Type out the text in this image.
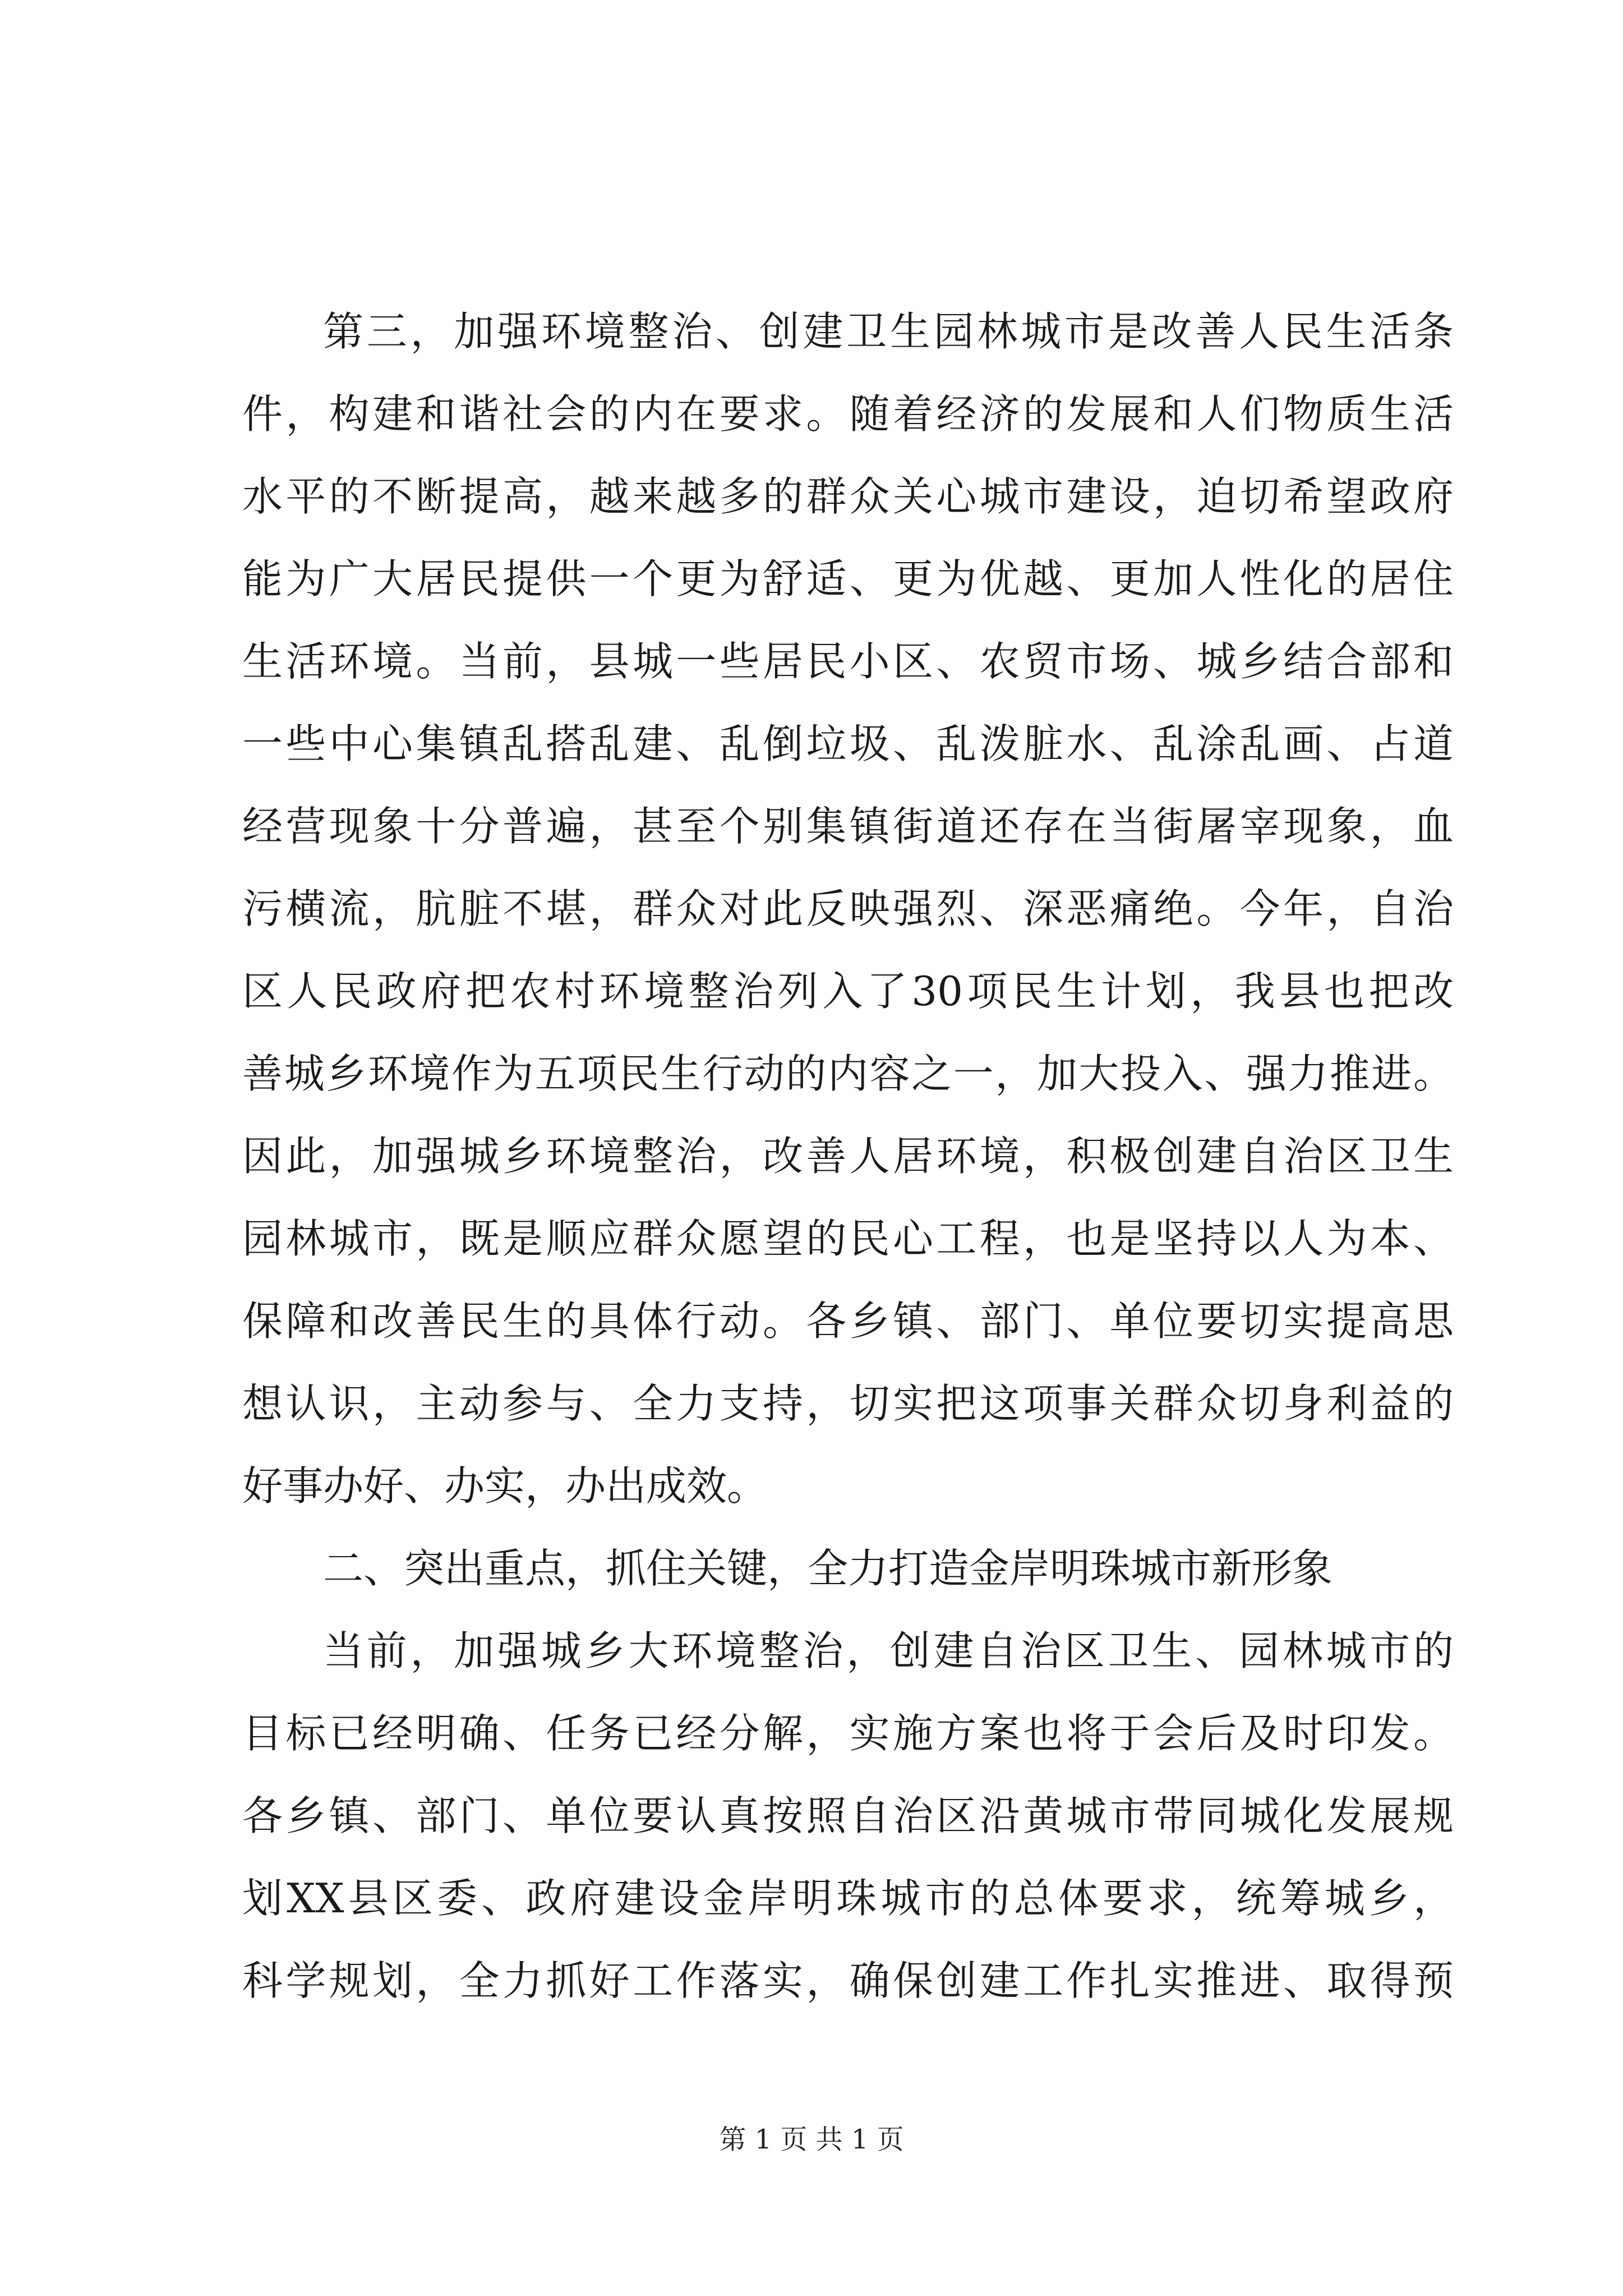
第三，加强环境整治、创建卫生园林城市是改善人民生活条
件，构建和谐社会的内在要求。随着经济的发展和人们物质生活
水平的不断提高，越来越多的群众关心城市建设，迫切希望政府
能为广大居民提供一个更为舒适、更为优越、更加人性化的居住
生活环境。当前，县城一些居民小区、农贸市场、城乡结合部和
一些中心集镇乱搭乱建、乱倒垃圾、乱泼脏水、乱涂乱画、占道
经营现象十分普遍，甚至个别集镇街道还存在当街屠宰现象，血
污横流，肮脏不堪，群众对此反映强烈、深恶痛绝。今年，自治
区人民政府把农村环境整治列入了30项民生计划，我县也把改
善城乡环境作为五项民生行动的内容之一，加大投入、强力推进。
因此，加强城乡环境整治，改善人居环境，积极创建自治区卫生
园林城市，既是顺应群众愿望的民心工程，也是坚持以人为本、
保障和改善民生的具体行动。各乡镇、部门、单位要切实提高思
想认识，主动参与、全力支持，切实把这项事关群众切身利益的
好事办好、办实，办出成效。
二、突出重点，抓住关键，全力打造金岸明珠城市新形象
当前，加强城乡大环境整治，创建自治区卫生、园林城市的
目标已经明确、任务已经分解，实施方案也将于会后及时印发。
各乡镇、部门、单位要认真按照自治区沿黄城市带同城化发展规
划XX县区委、政府建设金岸明珠城市的总体要求，统筹城乡，
科学规划，全力抓好工作落实，确保创建工作扎实推进、取得预
第 1 页 共 1 页
